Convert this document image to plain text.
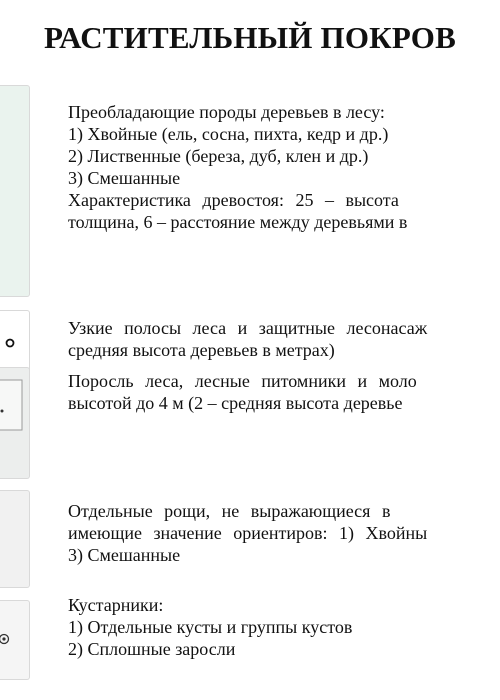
РАСТИТЕЛЬНЫЙ ПОКРОВ
Преобладающие породы деревьев в лесу:
1) Хвойные (ель, сосна, пихта, кедр и др.)
2) Лиственные (береза, дуб, клен и др.)
3) Смешанные
Характеристика древостоя: 25 – высота
толщина, 6 – расстояние между деревьями в
Узкие полосы леса и защитные лесонасаж
средняя высота деревьев в метрах)
Поросль леса, лесные питомники и моло
высотой до 4 м (2 – средняя высота деревье
Отдельные рощи, не выражающиеся в
имеющие значение ориентиров: 1) Хвойны
3) Смешанные
Кустарники:
1) Отдельные кусты и группы кустов
2) Сплошные заросли
